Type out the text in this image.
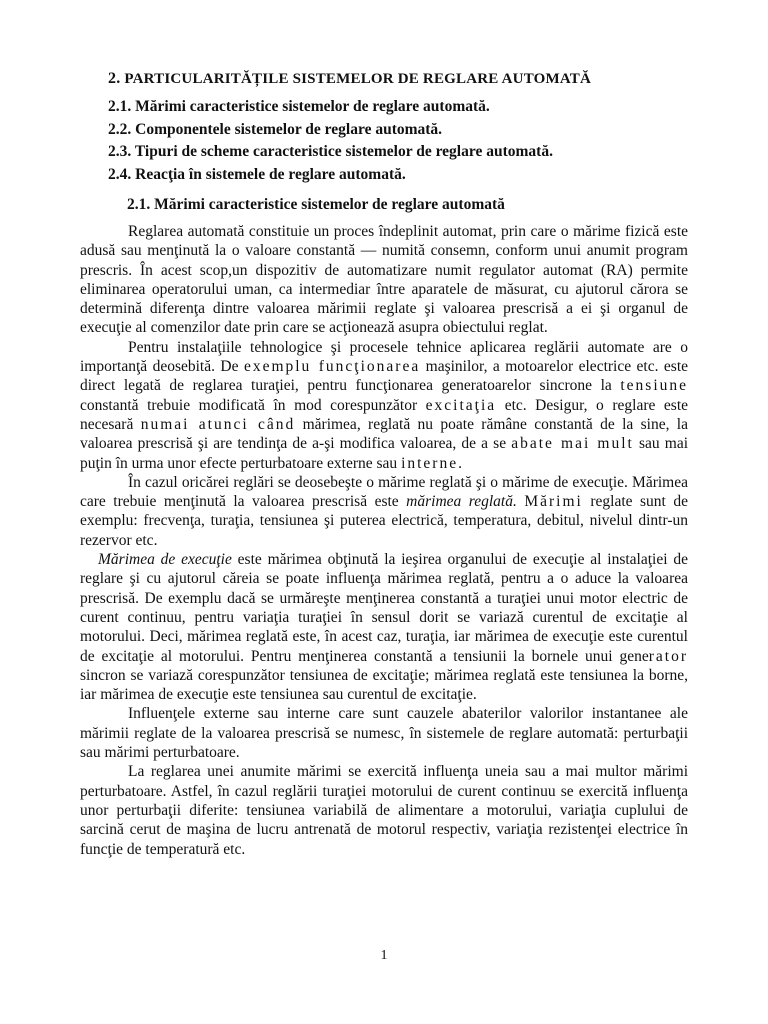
2. PARTICULARITĂȚILE SISTEMELOR DE REGLARE AUTOMATĂ
2.1. Mărimi caracteristice sistemelor de reglare automată.
2.2. Componentele sistemelor de reglare automată.
2.3. Tipuri de scheme caracteristice sistemelor de reglare automată.
2.4. Reacţia în sistemele de reglare automată.
2.1. Mărimi caracteristice sistemelor de reglare automată

Reglarea automată constituie un proces îndeplinit automat, prin care o mărime fizică este adusă sau menţinută la o valoare constantă — numită consemn, conform unui anumit program prescris. În acest scop,un dispozitiv de automatizare numit regulator automat (RA) permite eliminarea operatorului uman, ca intermediar între aparatele de măsurat, cu ajutorul cărora se determină diferenţa dintre valoarea mărimii reglate şi valoarea prescrisă a ei şi organul de execuţie al comenzilor date prin care se acţionează asupra obiectului reglat.

Pentru instalaţiile tehnologice şi procesele tehnice aplicarea reglării automate are o importanţă deosebită. De exemplu funcţionarea maşinilor, a motoarelor electrice etc. este direct legată de reglarea turaţiei, pentru funcţionarea generatoarelor sincrone la tensiune constantă trebuie modificată în mod corespunzător excitaţia etc. Desigur, o reglare este necesară numai atunci când mărimea, reglată nu poate rămâne constantă de la sine, la valoarea prescrisă şi are tendinţa de a-şi modifica valoarea, de a se abate mai mult sau mai puţin în urma unor efecte perturbatoare externe sau interne.

În cazul oricărei reglări se deosebeşte o mărime reglată şi o mărime de execuţie. Mărimea care trebuie menţinută la valoarea prescrisă este mărimea reglată. Mărimi reglate sunt de exemplu: frecvenţa, turaţia, tensiunea şi puterea electrică, temperatura, debitul, nivelul dintr-un rezervor etc.

Mărimea de execuţie este mărimea obţinută la ieşirea organului de execuţie al instalaţiei de reglare şi cu ajutorul căreia se poate influenţa mărimea reglată, pentru a o aduce la valoarea prescrisă. De exemplu dacă se urmăreşte menţinerea constantă a turaţiei unui motor electric de curent continuu, pentru variaţia turaţiei în sensul dorit se variază curentul de excitaţie al motorului. Deci, mărimea reglată este, în acest caz, turaţia, iar mărimea de execuţie este curentul de excitaţie al motorului. Pentru menţinerea constantă a tensiunii la bornele unui generator sincron se variază corespunzător tensiunea de excitaţie; mărimea reglată este tensiunea la borne, iar mărimea de execuţie este tensiunea sau curentul de excitaţie.

Influenţele externe sau interne care sunt cauzele abaterilor valorilor instantanee ale mărimii reglate de la valoarea prescrisă se numesc, în sistemele de reglare automată: perturbaţii sau mărimi perturbatoare.

La reglarea unei anumite mărimi se exercită influenţa uneia sau a mai multor mărimi perturbatoare. Astfel, în cazul reglării turaţiei motorului de curent continuu se exercită influenţa unor perturbaţii diferite: tensiunea variabilă de alimentare a motorului, variaţia cuplului de sarcină cerut de maşina de lucru antrenată de motorul respectiv, variaţia rezistenţei electrice în funcţie de temperatură etc.

1
